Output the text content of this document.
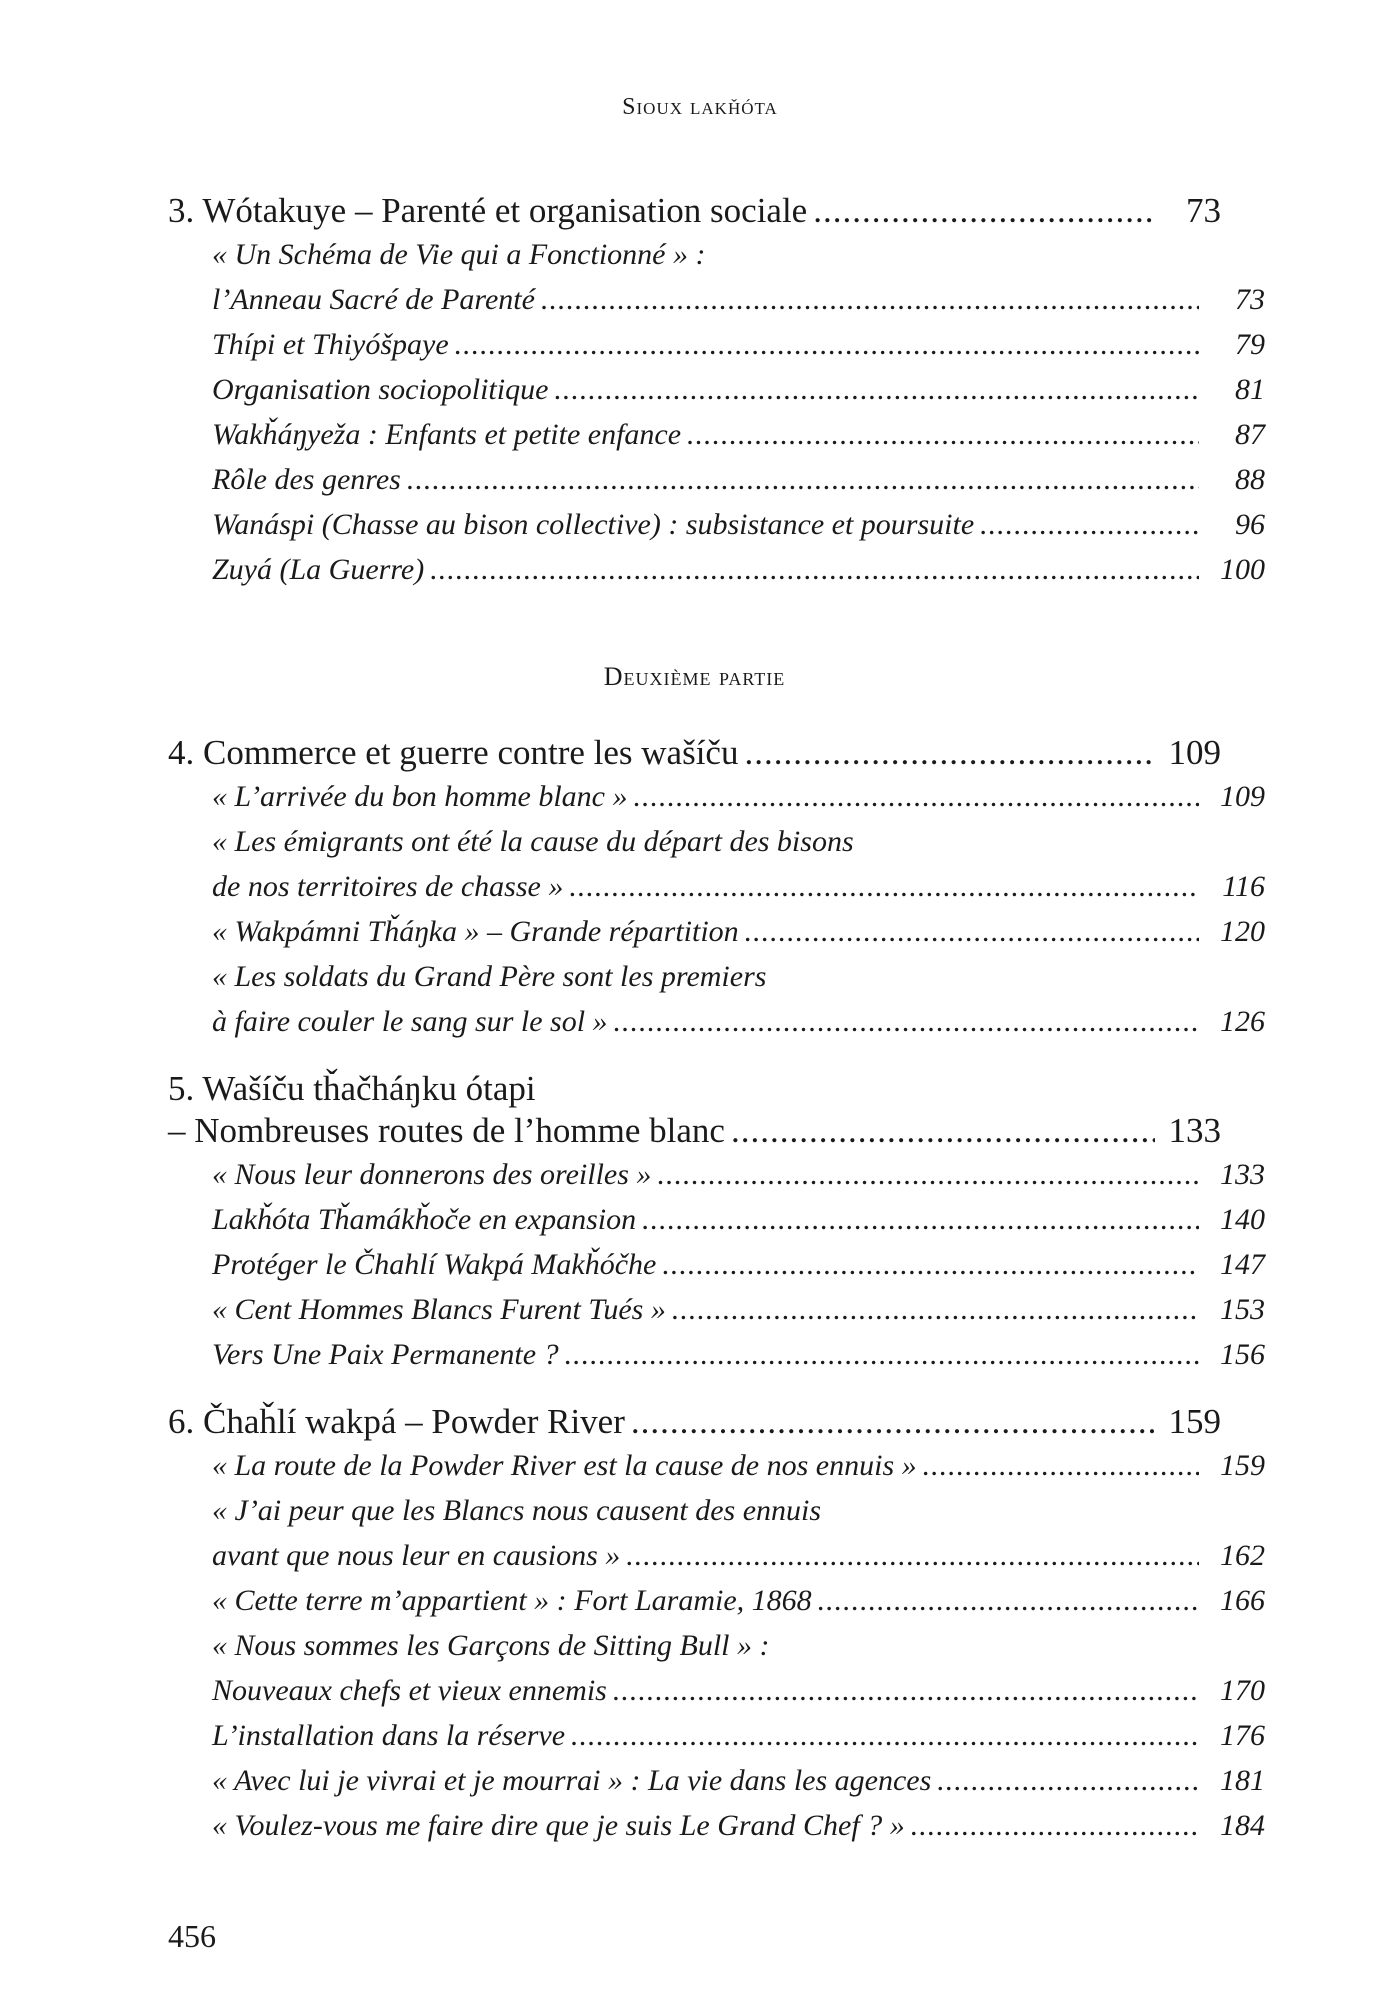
Sioux lakȟóta
3. Wótakuye – Parenté et organisation sociale .....	73
« Un Schéma de Vie qui a Fonctionné » :
l’Anneau Sacré de Parenté .....	73
Thípi et Thiyóšpaye .....	79
Organisation sociopolitique .....	81
Wakȟáŋyeža : Enfants et petite enfance .....	87
Rôle des genres .....	88
Wanáspi (Chasse au bison collective) : subsistance et poursuite .....	96
Zuyá (La Guerre) .....	100
Deuxième partie
4. Commerce et guerre contre les wašíču .....	109
« L’arrivée du bon homme blanc » .....	109
« Les émigrants ont été la cause du départ des bisons
de nos territoires de chasse » .....	116
« Wakpámni Tȟáŋka » – Grande répartition .....	120
« Les soldats du Grand Père sont les premiers
à faire couler le sang sur le sol » .....	126
5. Wašíču tȟačháŋku ótapi
– Nombreuses routes de l’homme blanc .....	133
« Nous leur donnerons des oreilles » .....	133
Lakȟóta Tȟamákȟoče en expansion .....	140
Protéger le Čhahlí Wakpá Makȟóčhe .....	147
« Cent Hommes Blancs Furent Tués » .....	153
Vers Une Paix Permanente ? .....	156
6. Čhaȟlí wakpá – Powder River .....	159
« La route de la Powder River est la cause de nos ennuis » .....	159
« J’ai peur que les Blancs nous causent des ennuis
avant que nous leur en causions » .....	162
« Cette terre m’appartient » : Fort Laramie, 1868 .....	166
« Nous sommes les Garçons de Sitting Bull » :
Nouveaux chefs et vieux ennemis .....	170
L’installation dans la réserve .....	176
« Avec lui je vivrai et je mourrai » : La vie dans les agences .....	181
« Voulez-vous me faire dire que je suis Le Grand Chef ? » .....	184
456
